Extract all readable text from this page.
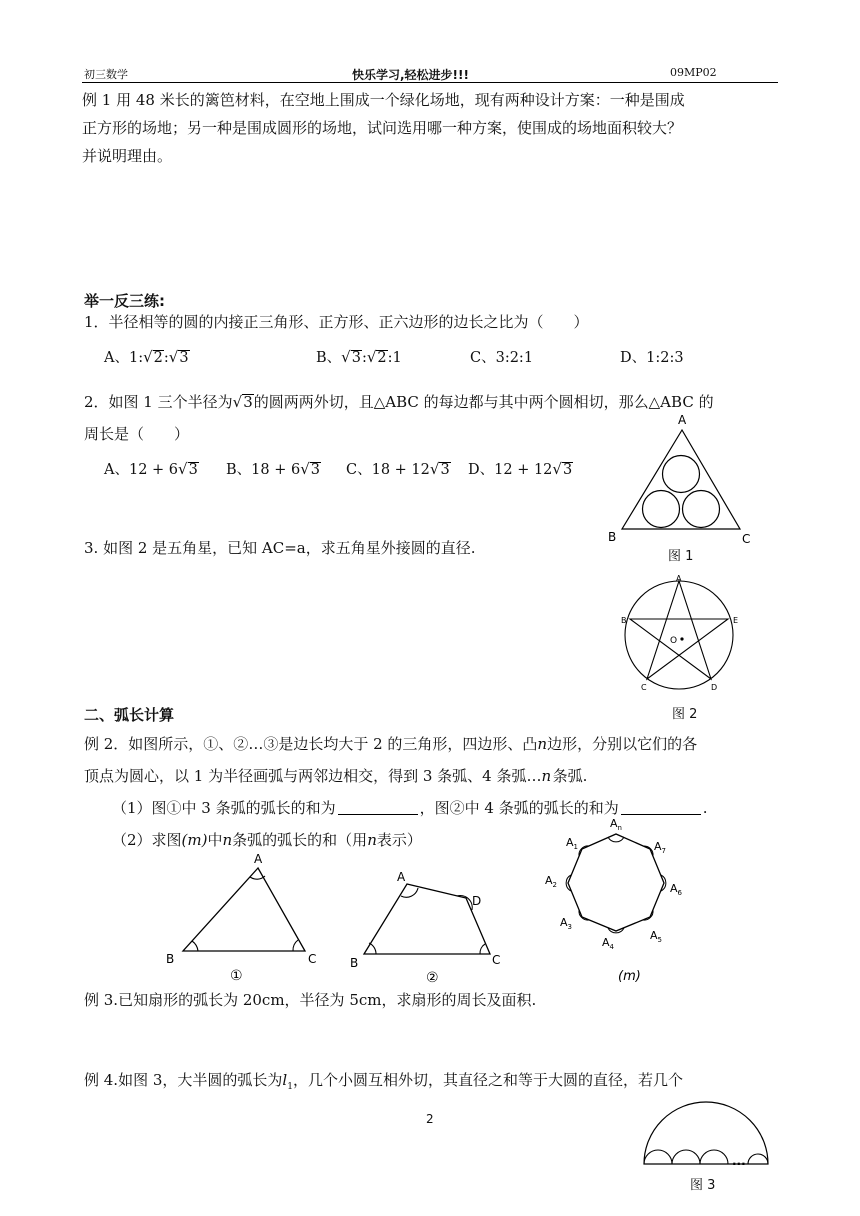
初三数学	快乐学习,轻松进步!!!	09MP02
例 1 用 48 米长的篱笆材料，在空地上围成一个绿化场地，现有两种设计方案：一种是围成
正方形的场地；另一种是围成圆形的场地，试问选用哪一种方案，使围成的场地面积较大？
并说明理由。
举一反三练:
1．半径相等的圆的内接正三角形、正方形、正六边形的边长之比为（　　）
A、1:√2:√3	B、√3:√2:1	C、3:2:1	D、1:2:3
2．如图 1 三个半径为√3的圆两两外切，且△ABC 的每边都与其中两个圆相切，那么△ABC 的
周长是（　　）
A、12 + 6√3 B、18 + 6√3 C、18 + 12√3 D、12 + 12√3
3. 如图 2 是五角星，已知 AC=a，求五角星外接圆的直径.
A
B	C
图 1
A
B	E
C	D
O
图 2
二、弧长计算
例 2．如图所示，①、②…③是边长均大于 2 的三角形，四边形、凸n边形，分别以它们的各
顶点为圆心，以 1 为半径画弧与两邻边相交，得到 3 条弧、4 条弧…n  条弧.
（1）图①中 3 条弧的弧长的和为	，图②中 4 条弧的弧长的和为	.
（2）求图(m)中n条弧的弧长的和（用n表示）
A
B	C
①
A
D
B	C
②
$A_n$
$A_1$	$A_7$
$A_2$	$A_6$
$A_3$
$A_5$
$A_4$
(m)
例 3.已知扇形的弧长为 20cm，半径为 5cm，求扇形的周长及面积.
例 4.如图 3，大半圆的弧长为$l_1$，几个小圆互相外切，其直径之和等于大圆的直径，若几个
2
...
图 3
